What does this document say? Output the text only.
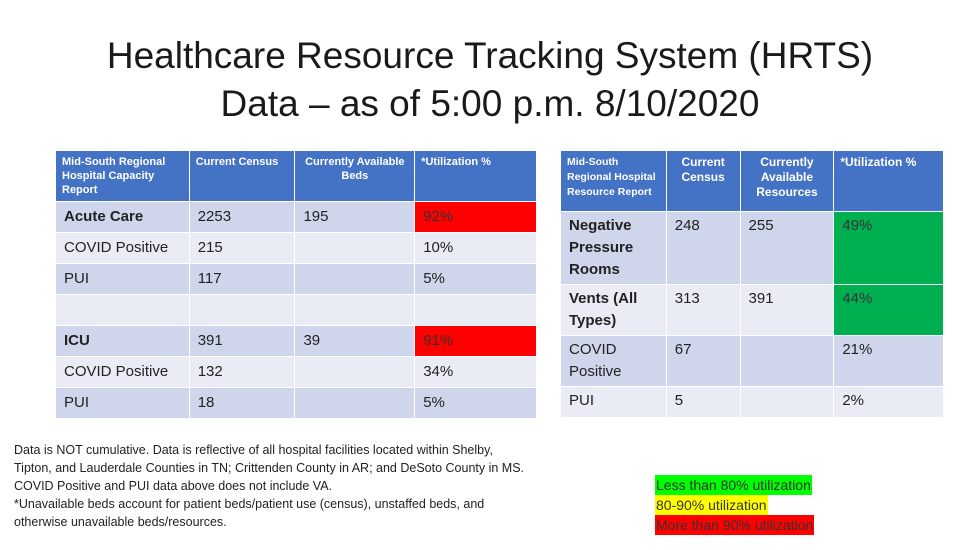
Healthcare Resource Tracking System (HRTS)
Data – as of 5:00 p.m. 8/10/2020
Mid-South Regional Hospital Capacity Report	Current Census	Currently Available Beds	*Utilization %
Acute Care	2253	195	92%
COVID Positive	215		10%
PUI	117		5%

ICU	391	39	91%
COVID Positive	132		34%
PUI	18		5%
Mid-South Regional Hospital Resource Report	Current Census	Currently Available Resources	*Utilization %
Negative Pressure Rooms	248	255	49%
Vents (All Types)	313	391	44%
COVID Positive	67		21%
PUI	5		2%
Data is NOT cumulative. Data is reflective of all hospital facilities located within Shelby,
Tipton, and Lauderdale Counties in TN; Crittenden County in AR; and DeSoto County in MS.
COVID Positive and PUI data above does not include VA.
*Unavailable beds account for patient beds/patient use (census), unstaffed beds, and
otherwise unavailable beds/resources.
Less than 80% utilization
80-90% utilization
More than 90% utilization
